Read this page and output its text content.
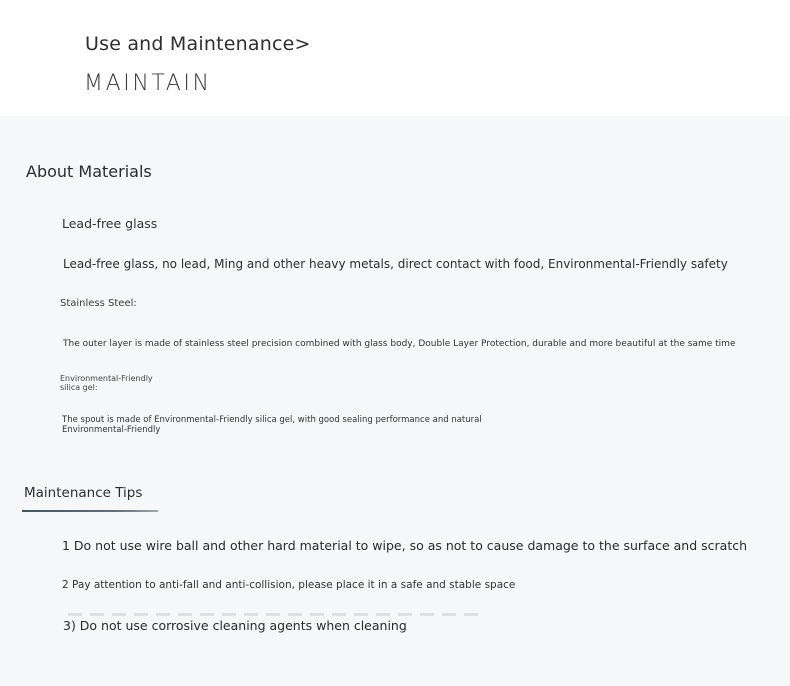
Use and Maintenance>
MAINTAIN
About Materials
Lead-free glass
Lead-free glass, no lead, Ming and other heavy metals, direct contact with food, Environmental-Friendly safety
Stainless Steel:
The outer layer is made of stainless steel precision combined with glass body, Double Layer Protection, durable and more beautiful at the same time
Environmental-Friendly silica gel:
The spout is made of Environmental-Friendly silica gel, with good sealing performance and natural Environmental-Friendly
Maintenance Tips
1 Do not use wire ball and other hard material to wipe, so as not to cause damage to the surface and scratch
2 Pay attention to anti-fall and anti-collision, please place it in a safe and stable space
3) Do not use corrosive cleaning agents when cleaning
